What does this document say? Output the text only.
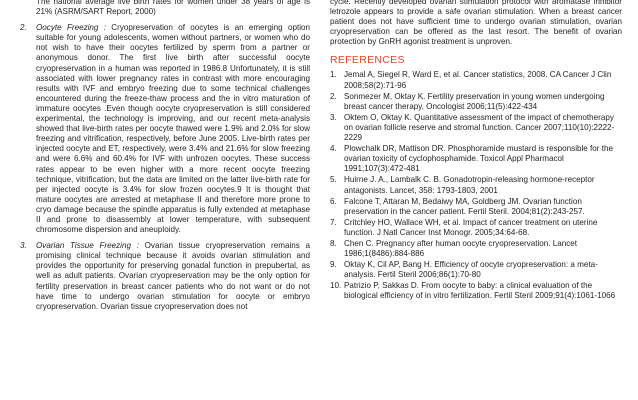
The national average live birth rates for women under 38 years of age is 21% (ASRM/SART Report, 2000)

2.	Oocyte Freezing : Cryopreservation of oocytes is an emerging option suitable for young adolescents, women without partners, or women who do not wish to have their oocytes fertilized by sperm from a partner or anonymous donor. The first live birth after successful oocyte cryopreservation in a human was reported in 1986.8 Unfortunately, it is still associated with lower pregnancy rates in contrast with more encouraging results with IVF and embryo freezing due to some technical challenges encountered during the freeze-thaw process and the in vitro maturation of immature oocytes .Even though oocyte cryopreservation is still considered experimental, the technology is improving, and our recent meta-analysis showed that live-birth rates per oocyte thawed were 1.9% and 2.0% for slow freezing and vitrification, respectively, before June 2005. Live-birth rates per injected oocyte and ET, respectively, were 3.4% and 21.6% for slow freezing and were 6.6% and 60.4% for IVF with unfrozen oocytes. These success rates appear to be even higher with a more recent oocyte freezing technique, vitrification, but the data are limited on the latter live-birth rate for per injected oocyte is 3.4% for slow frozen oocytes.9 It is thought that mature oocytes are arrested at metaphase II and therefore more prone to cryo damage because the spindle apparatus is fully extended at metaphase II and prone to disassembly at lower temperature, with subsequent chromosome dispersion and aneuploidy.

3.	Ovarian Tissue Freezing : Ovarian tissue cryopreservation remains a promising clinical technique because it avoids ovarian stimulation and provides the opportunity for preserving gonadal function in prepubertal, as well as adult patients. Ovarian cryopreservation may be the only option for fertility preservation in breast cancer patients who do not want or do not have time to undergo ovarian stimulation for oocyte or embryo cryopreservation. Ovarian tissue cryopreservation does not

cycle. Recently developed ovarian stimulation protocol with aromatase inhibitor letrozole appears to provide a safe ovarian stimulation. When a breast cancer patient does not have sufficient time to undergo ovarian stimulation, ovarian cryopreservation can be offered as the last resort. The benefit of ovarian protection by GnRH agonist treatment is unproven.

REFERENCES
1. Jemal A, Siegel R, Ward E, et al. Cancer statistics, 2008. CA Cancer J Clin 2008;58(2):71-96
2. Sonmezer M, Oktay K. Fertility preservation in young women undergoing breast cancer therapy. Oncologist 2006;11(5):422-434
3. Oktem O, Oktay K. Quantitative assessment of the impact of chemotherapy on ovarian follicle reserve and stromal function. Cancer 2007;110(10):2222-2229
4. Plowchalk DR, Mattison DR. Phosphoramide mustard is responsible for the ovarian toxicity of cyclophosphamide. Toxicol Appl Pharmacol 1991;107(3):472-481
5. Huirne J. A., Lambalk C. B. Gonadotropin-releasing hormone-receptor antagonists. Lancet, 358: 1793-1803, 2001
6. Falcone T, Attaran M, Bedaiwy MA, Goldberg JM. Ovarian function preservation in the cancer patient. Fertil Steril. 2004;81(2):243-257.
7. Critchley HO, Wallace WH, et al. Impact of cancer treatment on uterine function. J Natl Cancer Inst Monogr. 2005;34:64-68.
8. Chen C. Pregnancy after human oocyte cryopreservation. Lancet 1986;1(8486):884-886
9. Oktay K, Cil AP, Bang H. Efficiency of oocyte cryopreservation: a meta-analysis. Fertil Steril 2006;86(1):70-80
10. Patrizio P, Sakkas D. From oocyte to baby: a clinical evaluation of the biological efficiency of in vitro fertilization. Fertil Steril 2009;91(4):1061-1066
